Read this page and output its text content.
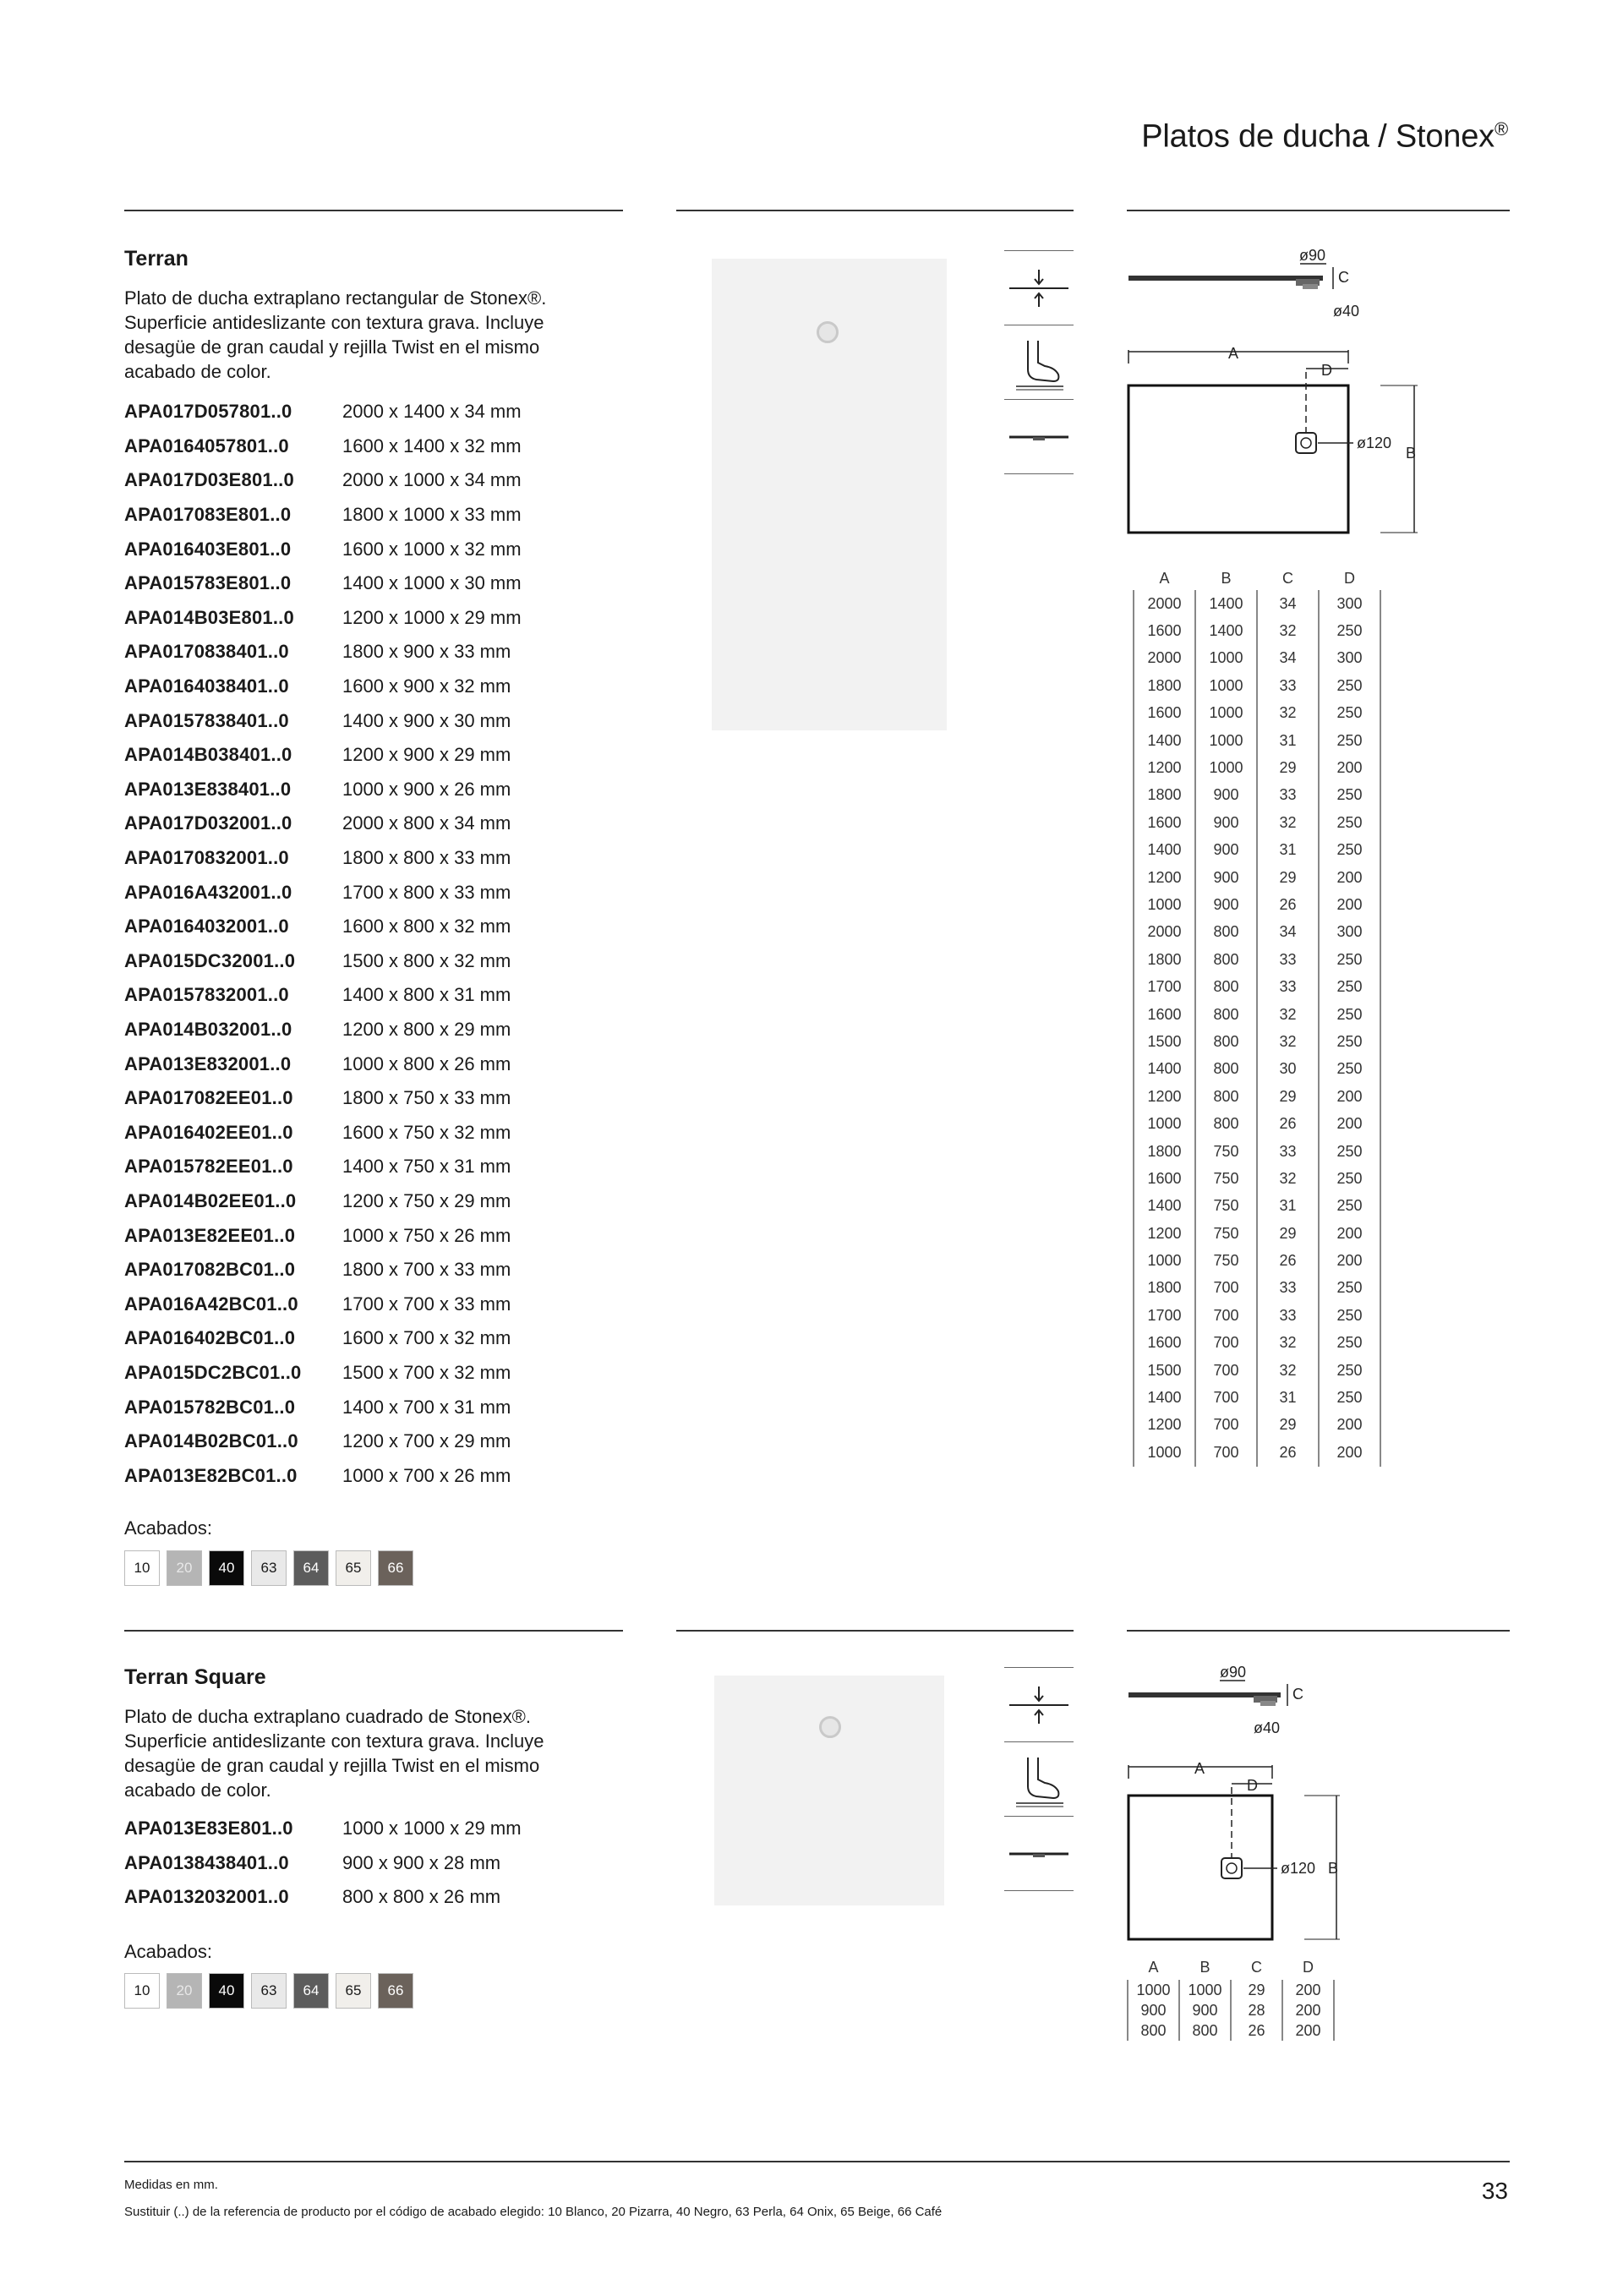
Platos de ducha / Stonex®
Terran
Plato de ducha extraplano rectangular de Stonex®. Superficie antideslizante con textura grava. Incluye desagüe de gran caudal y rejilla Twist en el mismo acabado de color.
APA017D057801..0	2000 x 1400 x 34 mm
APA0164057801..0	1600 x 1400 x 32 mm
APA017D03E801..0	2000 x 1000 x 34 mm
APA017083E801..0	1800 x 1000 x 33 mm
APA016403E801..0	1600 x 1000 x 32 mm
APA015783E801..0	1400 x 1000 x 30 mm
APA014B03E801..0	1200 x 1000 x 29 mm
APA0170838401..0	1800 x 900 x 33 mm
APA0164038401..0	1600 x 900 x 32 mm
APA0157838401..0	1400 x 900 x 30 mm
APA014B038401..0	1200 x 900 x 29 mm
APA013E838401..0	1000 x 900 x 26 mm
APA017D032001..0	2000 x 800 x 34 mm
APA0170832001..0	1800 x 800 x 33 mm
APA016A432001..0	1700 x 800 x 33 mm
APA0164032001..0	1600 x 800 x 32 mm
APA015DC32001..0	1500 x 800 x 32 mm
APA0157832001..0	1400 x 800 x 31 mm
APA014B032001..0	1200 x 800 x 29 mm
APA013E832001..0	1000 x 800 x 26 mm
APA017082EE01..0	1800 x 750 x 33 mm
APA016402EE01..0	1600 x 750 x 32 mm
APA015782EE01..0	1400 x 750 x 31 mm
APA014B02EE01..0	1200 x 750 x 29 mm
APA013E82EE01..0	1000 x 750 x 26 mm
APA017082BC01..0	1800 x 700 x 33 mm
APA016A42BC01..0	1700 x 700 x 33 mm
APA016402BC01..0	1600 x 700 x 32 mm
APA015DC2BC01..0	1500 x 700 x 32 mm
APA015782BC01..0	1400 x 700 x 31 mm
APA014B02BC01..0	1200 x 700 x 29 mm
APA013E82BC01..0	1000 x 700 x 26 mm
Acabados:
10	20	40	63	64	65	66
ø90
C
ø40
A
D
ø120
B
A	B	C	D
2000	1400	34	300
1600	1400	32	250
2000	1000	34	300
1800	1000	33	250
1600	1000	32	250
1400	1000	31	250
1200	1000	29	200
1800	900	33	250
1600	900	32	250
1400	900	31	250
1200	900	29	200
1000	900	26	200
2000	800	34	300
1800	800	33	250
1700	800	33	250
1600	800	32	250
1500	800	32	250
1400	800	30	250
1200	800	29	200
1000	800	26	200
1800	750	33	250
1600	750	32	250
1400	750	31	250
1200	750	29	200
1000	750	26	200
1800	700	33	250
1700	700	33	250
1600	700	32	250
1500	700	32	250
1400	700	31	250
1200	700	29	200
1000	700	26	200
Terran Square
Plato de ducha extraplano cuadrado de Stonex®. Superficie antideslizante con textura grava. Incluye desagüe de gran caudal y rejilla Twist en el mismo acabado de color.
APA013E83E801..0	1000 x 1000 x 29 mm
APA0138438401..0	900 x 900 x 28 mm
APA0132032001..0	800 x 800 x 26 mm
Acabados:
10	20	40	63	64	65	66
ø90
C
ø40
A
D
ø120 B
A	B	C	D
1000	1000	29	200
900	900	28	200
800	800	26	200
Medidas en mm.
Sustituir (..) de la referencia de producto por el código de acabado elegido: 10 Blanco, 20 Pizarra, 40 Negro, 63 Perla, 64 Onix, 65 Beige, 66 Café
33
